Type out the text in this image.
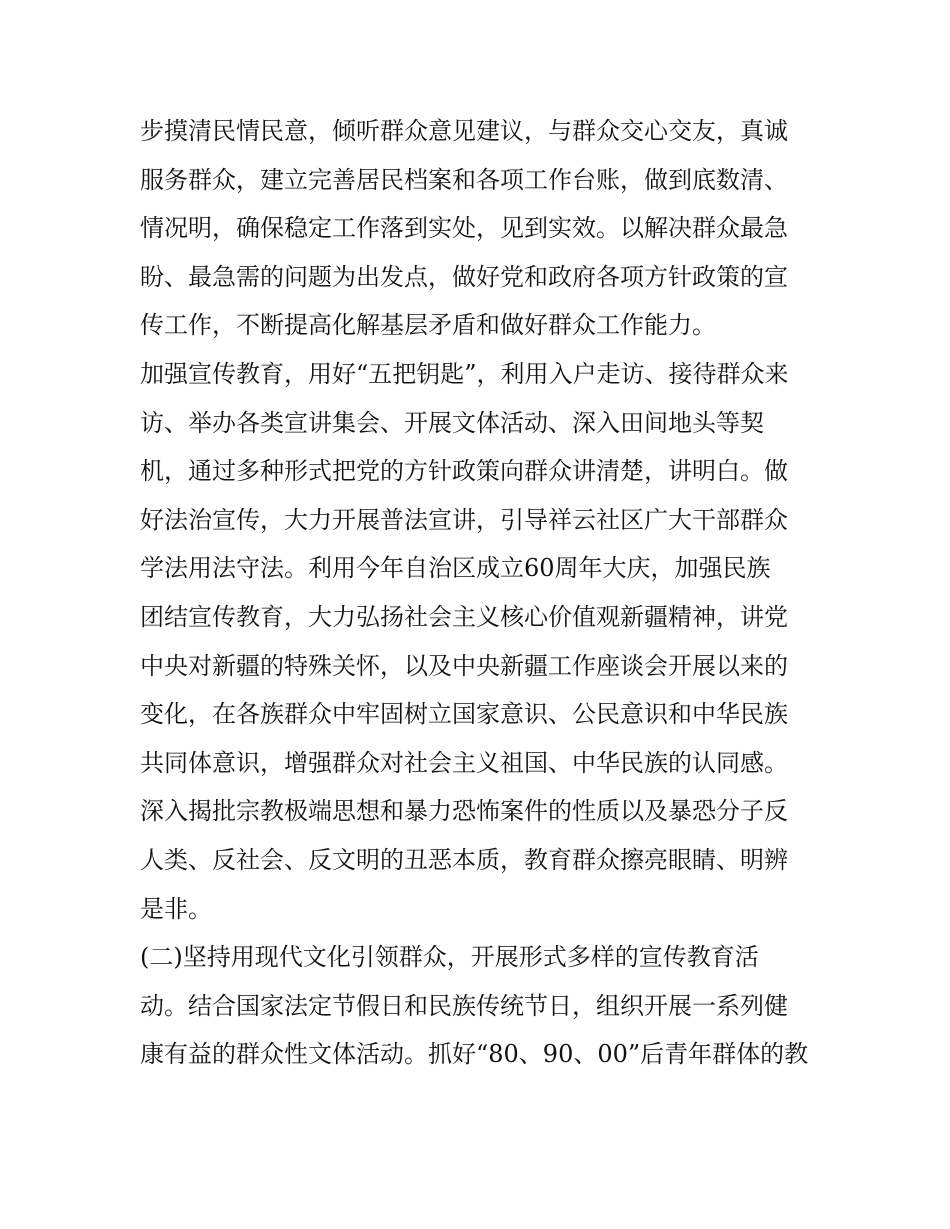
步摸清民情民意，倾听群众意见建议，与群众交心交友，真诚
服务群众，建立完善居民档案和各项工作台账，做到底数清、
情况明，确保稳定工作落到实处，见到实效。以解决群众最急
盼、最急需的问题为出发点，做好党和政府各项方针政策的宣
传工作，不断提高化解基层矛盾和做好群众工作能力。
加强宣传教育，用好“五把钥匙”，利用入户走访、接待群众来
访、举办各类宣讲集会、开展文体活动、深入田间地头等契
机，通过多种形式把党的方针政策向群众讲清楚，讲明白。做
好法治宣传，大力开展普法宣讲，引导祥云社区广大干部群众
学法用法守法。利用今年自治区成立60周年大庆，加强民族
团结宣传教育，大力弘扬社会主义核心价值观新疆精神，讲党
中央对新疆的特殊关怀，以及中央新疆工作座谈会开展以来的
变化，在各族群众中牢固树立国家意识、公民意识和中华民族
共同体意识，增强群众对社会主义祖国、中华民族的认同感。
深入揭批宗教极端思想和暴力恐怖案件的性质以及暴恐分子反
人类、反社会、反文明的丑恶本质，教育群众擦亮眼睛、明辨
是非。
(二)坚持用现代文化引领群众，开展形式多样的宣传教育活
动。结合国家法定节假日和民族传统节日，组织开展一系列健
康有益的群众性文体活动。抓好“80、90、00”后青年群体的教
